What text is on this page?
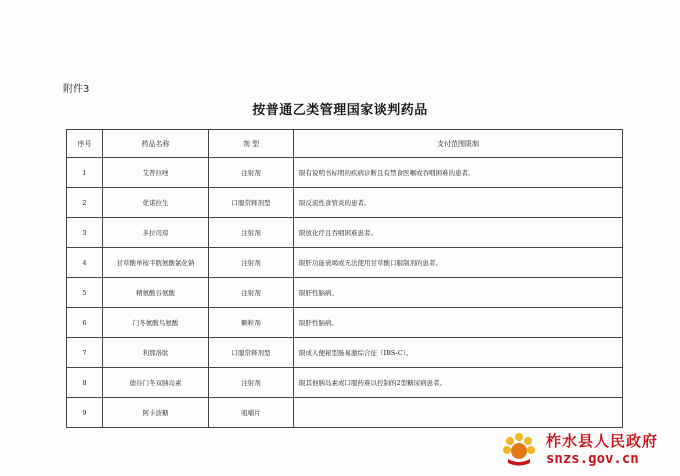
附件3
按普通乙类管理国家谈判药品
序号	药品名称	剂 型	支付范围限制
1	艾普拉唑	注射剂	限有说明书标明的疾病诊断且有禁食医嘱或吞咽困难的患者。
2	优诺拉生	口服常释剂型	限反流性食管炎的患者。
3	多拉司琼	注射剂	限放化疗且吞咽困难患者。
4	甘草酸单铵半胱氨酸氯化钠	注射剂	限肝功能衰竭或无法使用甘草酸口服制剂的患者。
5	精氨酸谷氨酸	注射剂	限肝性脑病。
6	门冬氨酸鸟氨酸	颗粒剂	限肝性脑病。
7	利那洛肽	口服常释剂型	限成人便秘型肠易激综合征（IBS-C）。
8	德谷门冬双胰岛素	注射剂	限其他胰岛素或口服药难以控制的2型糖尿病患者。
9	阿卡波糖	咀嚼片	
柞水县人民政府
snzs.gov.cn
